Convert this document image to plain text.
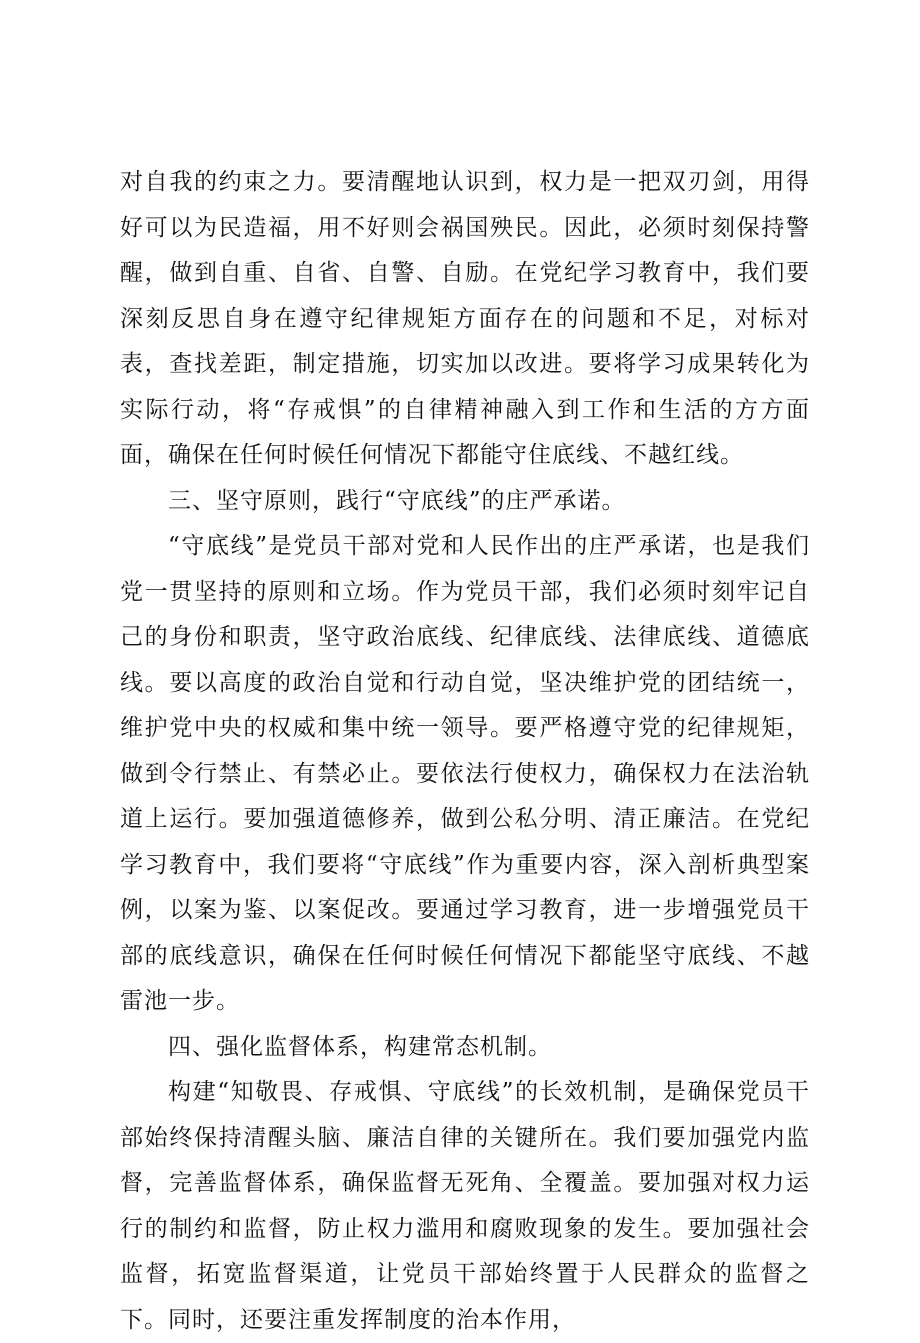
对自我的约束之力。要清醒地认识到，权力是一把双刃剑，用得好可以为民造福，用不好则会祸国殃民。因此，必须时刻保持警醒，做到自重、自省、自警、自励。在党纪学习教育中，我们要深刻反思自身在遵守纪律规矩方面存在的问题和不足，对标对表，查找差距，制定措施，切实加以改进。要将学习成果转化为实际行动，将“存戒惧”的自律精神融入到工作和生活的方方面面，确保在任何时候任何情况下都能守住底线、不越红线。

三、坚守原则，践行“守底线”的庄严承诺。

“守底线”是党员干部对党和人民作出的庄严承诺，也是我们党一贯坚持的原则和立场。作为党员干部，我们必须时刻牢记自己的身份和职责，坚守政治底线、纪律底线、法律底线、道德底线。要以高度的政治自觉和行动自觉，坚决维护党的团结统一，维护党中央的权威和集中统一领导。要严格遵守党的纪律规矩，做到令行禁止、有禁必止。要依法行使权力，确保权力在法治轨道上运行。要加强道德修养，做到公私分明、清正廉洁。在党纪学习教育中，我们要将“守底线”作为重要内容，深入剖析典型案例，以案为鉴、以案促改。要通过学习教育，进一步增强党员干部的底线意识，确保在任何时候任何情况下都能坚守底线、不越雷池一步。

四、强化监督体系，构建常态机制。

构建“知敬畏、存戒惧、守底线”的长效机制，是确保党员干部始终保持清醒头脑、廉洁自律的关键所在。我们要加强党内监督，完善监督体系，确保监督无死角、全覆盖。要加强对权力运行的制约和监督，防止权力滥用和腐败现象的发生。要加强社会监督，拓宽监督渠道，让党员干部始终置于人民群众的监督之下。同时，还要注重发挥制度的治本作用，
